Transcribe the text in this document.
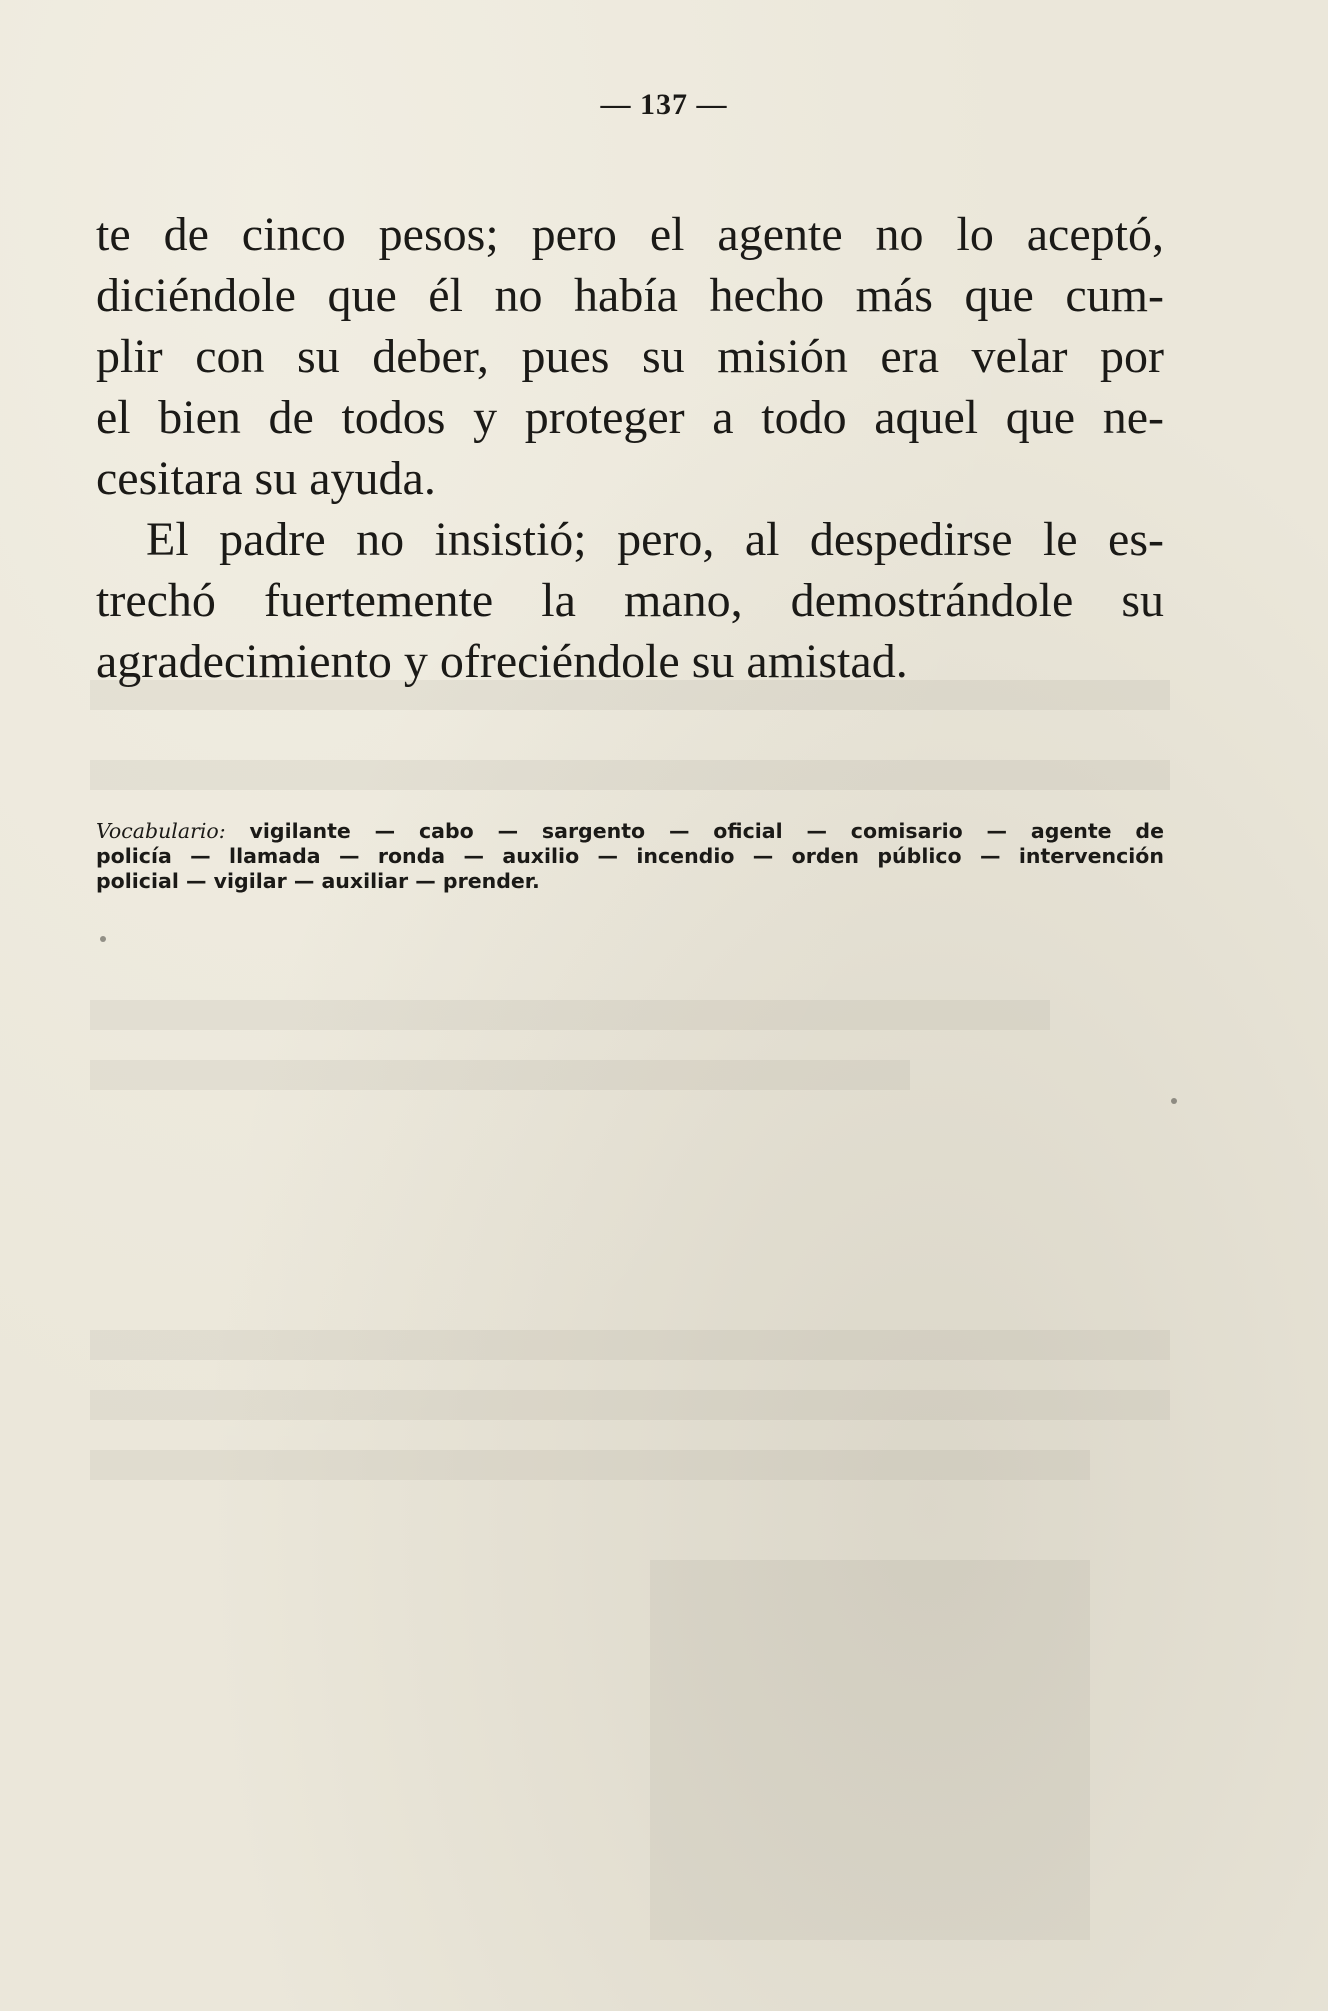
— 137 —
te de cinco pesos; pero el agente no lo aceptó,
diciéndole que él no había hecho más que cum-
plir con su deber, pues su misión era velar por
el bien de todos y proteger a todo aquel que ne-
cesitara su ayuda.
El padre no insistió; pero, al despedirse le es-
trechó fuertemente la mano, demostrándole su
agradecimiento y ofreciéndole su amistad.
Vocabulario: vigilante — cabo — sargento — oficial — comisario — agente de
policía — llamada — ronda — auxilio — incendio — orden público — intervención
policial — vigilar — auxiliar — prender.
